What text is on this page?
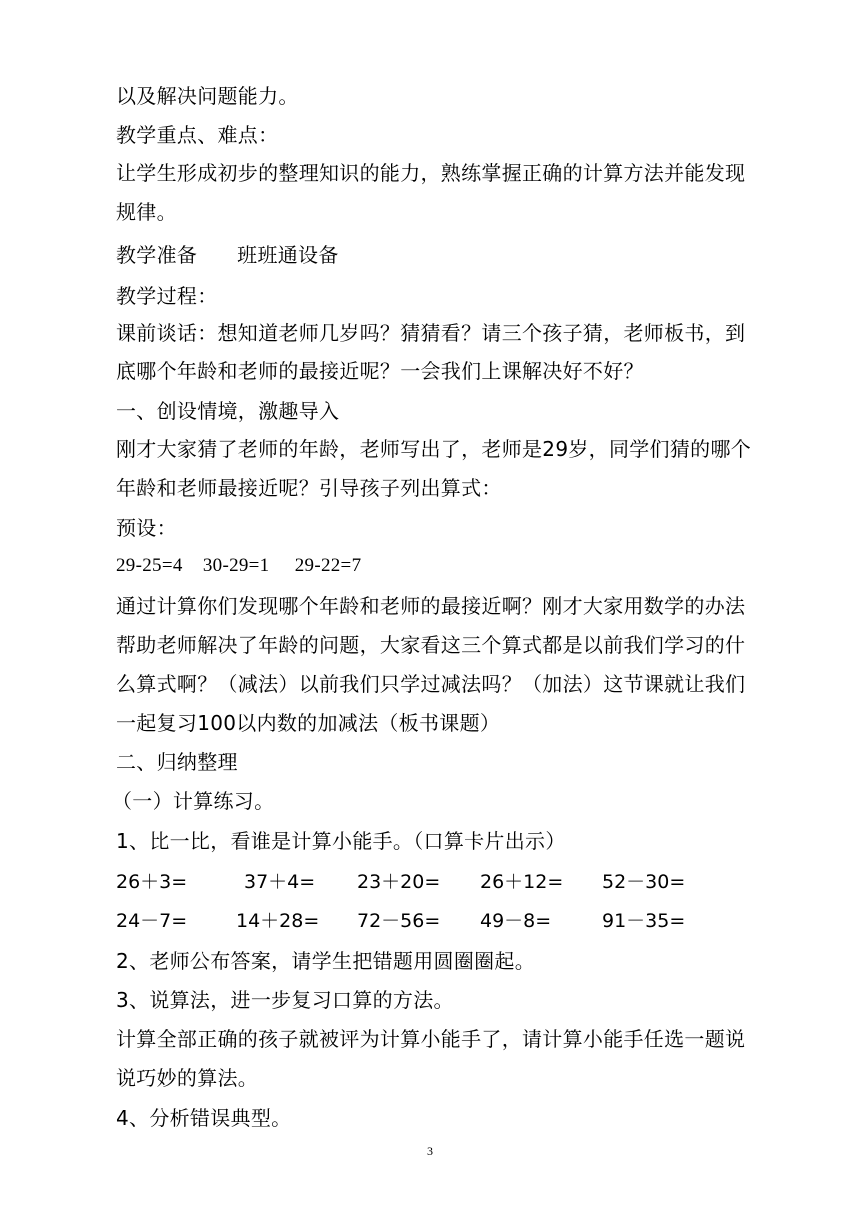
以及解决问题能力。
教学重点、难点：
让学生形成初步的整理知识的能力，熟练掌握正确的计算方法并能发现
规律。
教学准备      班班通设备
教学过程：
课前谈话：想知道老师几岁吗？猜猜看？请三个孩子猜，老师板书，到
底哪个年龄和老师的最接近呢？一会我们上课解决好不好？
一、创设情境，激趣导入
刚才大家猜了老师的年龄，老师写出了，老师是29岁，同学们猜的哪个
年龄和老师最接近呢？引导孩子列出算式：
预设：
29-25=4    30-29=1     29-22=7
通过计算你们发现哪个年龄和老师的最接近啊？刚才大家用数学的办法
帮助老师解决了年龄的问题，大家看这三个算式都是以前我们学习的什
么算式啊？（减法）以前我们只学过减法吗？（加法）这节课就让我们
一起复习100以内数的加减法（板书课题）
二、归纳整理
（一）计算练习。
1、比一比，看谁是计算小能手。（口算卡片出示）
26＋3=	37＋4= 23＋20= 26＋12= 52－30=
24－7=	14＋28= 72－56= 49－8=	91－35=
2、老师公布答案，请学生把错题用圆圈圈起。
3、说算法，进一步复习口算的方法。
计算全部正确的孩子就被评为计算小能手了，请计算小能手任选一题说
说巧妙的算法。
4、分析错误典型。
3
